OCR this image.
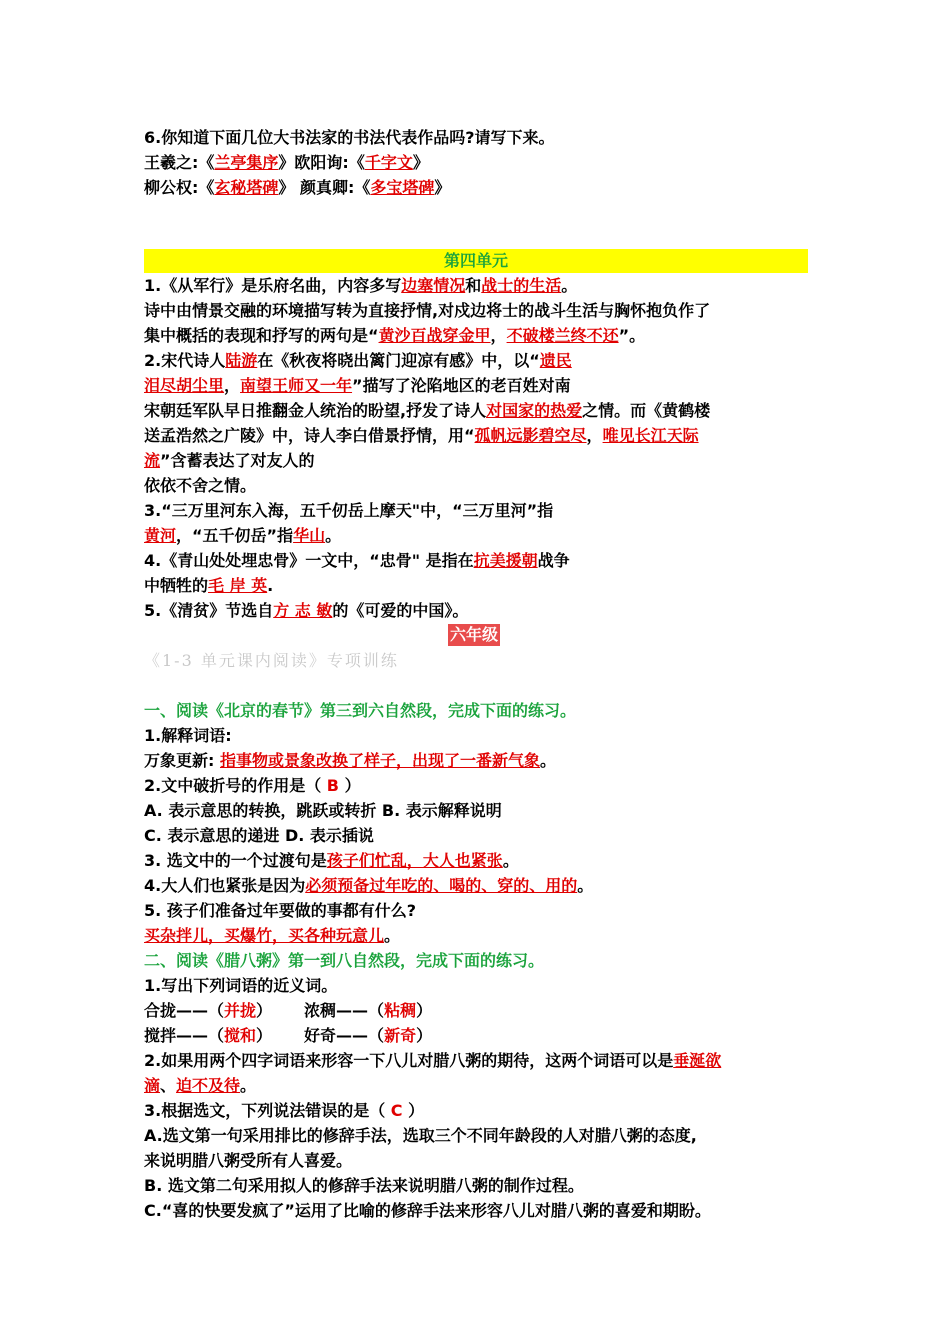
6.你知道下面几位大书法家的书法代表作品吗?请写下来。
王羲之:《兰亭集序》欧阳询:《千字文》
柳公权:《玄秘塔碑》 颜真卿:《多宝塔碑》
第四单元
1.《从军行》是乐府名曲，内容多写边塞情况和战士的生活。
诗中由情景交融的环境描写转为直接抒情,对戍边将士的战斗生活与胸怀抱负作了
集中概括的表现和抒写的两句是“黄沙百战穿金甲，不破楼兰终不还”。
2.宋代诗人陆游在《秋夜将晓出篱门迎凉有感》中，以“遗民
泪尽胡尘里，南望王师又一年”描写了沦陷地区的老百姓对南
宋朝廷军队早日推翻金人统治的盼望,抒发了诗人对国家的热爱之情。而《黄鹤楼
送孟浩然之广陵》中，诗人李白借景抒情，用“孤帆远影碧空尽，唯见长江天际
流”含蓄表达了对友人的
依依不舍之情。
3.“三万里河东入海，五千仞岳上摩天"中，“三万里河”指
黄河，“五千仞岳”指华山。
4.《青山处处埋忠骨》一文中，“忠骨" 是指在抗美援朝战争
中牺牲的毛 岸 英.
5.《清贫》节选自方 志 敏的《可爱的中国》。
六年级
《1-3 单元课内阅读》专项训练
一、阅读《北京的春节》第三到六自然段，完成下面的练习。
1.解释词语:
万象更新: 指事物或景象改换了样子，出现了一番新气象。
2.文中破折号的作用是（ B ）
A. 表示意思的转换，跳跃或转折 B. 表示解释说明
C. 表示意思的递进 D. 表示插说
3. 选文中的一个过渡句是孩子们忙乱，大人也紧张。
4.大人们也紧张是因为必须预备过年吃的、喝的、穿的、用的。
5. 孩子们准备过年要做的事都有什么?
买杂拌儿，买爆竹，买各种玩意儿。
二、阅读《腊八粥》第一到八自然段，完成下面的练习。
1.写出下列词语的近义词。
合拢——（并拢） 浓稠——（粘稠）
搅拌——（搅和） 好奇——（新奇）
2.如果用两个四字词语来形容一下八儿对腊八粥的期待，这两个词语可以是垂涎欲
滴、迫不及待。
3.根据选文，下列说法错误的是（ C ）
A.选文第一句采用排比的修辞手法，选取三个不同年龄段的人对腊八粥的态度,
来说明腊八粥受所有人喜爱。
B. 选文第二句采用拟人的修辞手法来说明腊八粥的制作过程。
C.“喜的快要发疯了”运用了比喻的修辞手法来形容八儿对腊八粥的喜爱和期盼。
